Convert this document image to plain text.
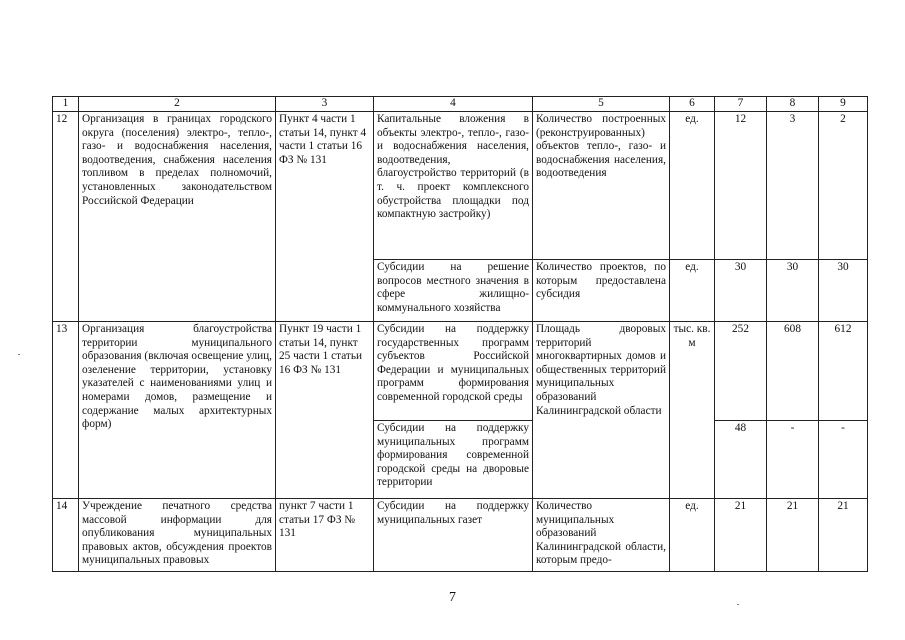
1	2	3	4	5	6	7	8	9
12	Организация в границах городского округа (поселения) электро-, тепло-, газо- и водоснабжения населения, водоотведения, снабжения населения топливом в пределах полномочий, установленных законодательством Российской Федерации	Пункт 4 части 1 статьи 14, пункт 4 части 1 статьи 16 ФЗ № 131	Капитальные вложения в объекты электро-, тепло-, газо- и водоснабжения населения, водоотведения, благоустройство территорий (в т. ч. проект комплексного обустройства площадки под компактную застройку)	Количество построенных (реконструированных) объектов тепло-, газо- и водоснабжения населения, водоотведения	ед.	12	3	2
			Субсидии на решение вопросов местного значения в сфере жилищно-коммунального хозяйства	Количество проектов, по которым предоставлена субсидия	ед.	30	30	30
13	Организация благоустройства территории муниципального образования (включая освещение улиц, озеленение территории, установку указателей с наименованиями улиц и номерами домов, размещение и содержание малых архитектурных форм)	Пункт 19 части 1 статьи 14, пункт 25 части 1 статьи 16 ФЗ № 131	Субсидии на поддержку государственных программ субъектов Российской Федерации и муниципальных программ формирования современной городской среды	Площадь дворовых территорий многоквартирных домов и общественных территорий муниципальных образований Калининградской области	тыс. кв. м	252	608	612
			Субсидии на поддержку муниципальных программ формирования современной городской среды на дворовые территории			48	-	-
14	Учреждение печатного средства массовой информации для опубликования муниципальных правовых актов, обсуждения проектов муниципальных правовых	пункт 7 части 1 статьи 17 ФЗ № 131	Субсидии на поддержку муниципальных газет	Количество муниципальных образований Калининградской области, которым предо-	ед.	21	21	21
7
